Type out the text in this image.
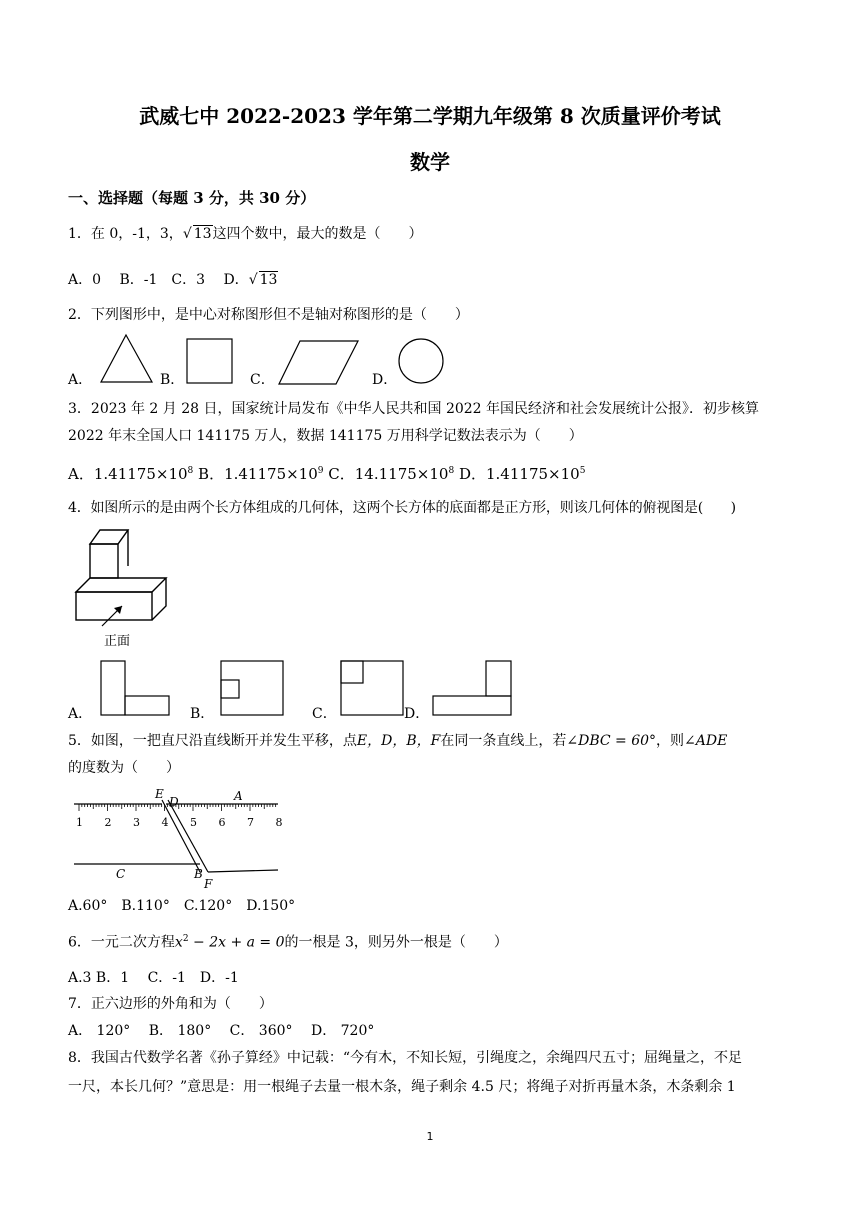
武威七中 2022-2023 学年第二学期九年级第 8 次质量评价考试
数学
一、选择题（每题 3 分，共 30 分）
1．在 0，-1，3，√ 13这四个数中，最大的数是（　　）
A．0　 B．-1　C．3　 D．√ 13
2．下列图形中，是中心对称图形但不是轴对称图形的是（　　）
A．	B．	C．	D．
3．2023 年 2 月 28 日，国家统计局发布《中华人民共和国 2022 年国民经济和社会发展统计公报》．初步核算
2022 年末全国人口 141175 万人，数据 141175 万用科学记数法表示为（　　）
A．$1.41175\times 10^8$ B．$1.41175\times 10^9$ C．$14.1175\times 10^8$ D．$1.41175\times 10^5$
4．如图所示的是由两个长方体组成的几何体，这两个长方体的底面都是正方形，则该几何体的俯视图是(　　)
正面
A．	B．	C．	D．
5．如图，一把直尺沿直线断开并发生平移，点E，D，B，F在同一条直线上，若∠DBC = 60°，则∠ADE
的度数为（　　）
E
D	A
C	B
F
1 2 3 4 5 6 7 8
A.60°　B.110°　C.120°　D.150°
6．一元二次方程$x^2 - 2x + a = 0$的一根是 3，则另外一根是（　　）
A.3 B．1　 C．-1　D．-1
7．正六边形的外角和为（　　）
A． 120°　 B． 180°　 C． 360°　 D． 720°
8．我国古代数学名著《孙子算经》中记载：“今有木，不知长短，引绳度之，余绳四尺五寸；屈绳量之，不足
一尺，本长几何？”意思是：用一根绳子去量一根木条，绳子剩余 4.5 尺；将绳子对折再量木条，木条剩余 1
1
